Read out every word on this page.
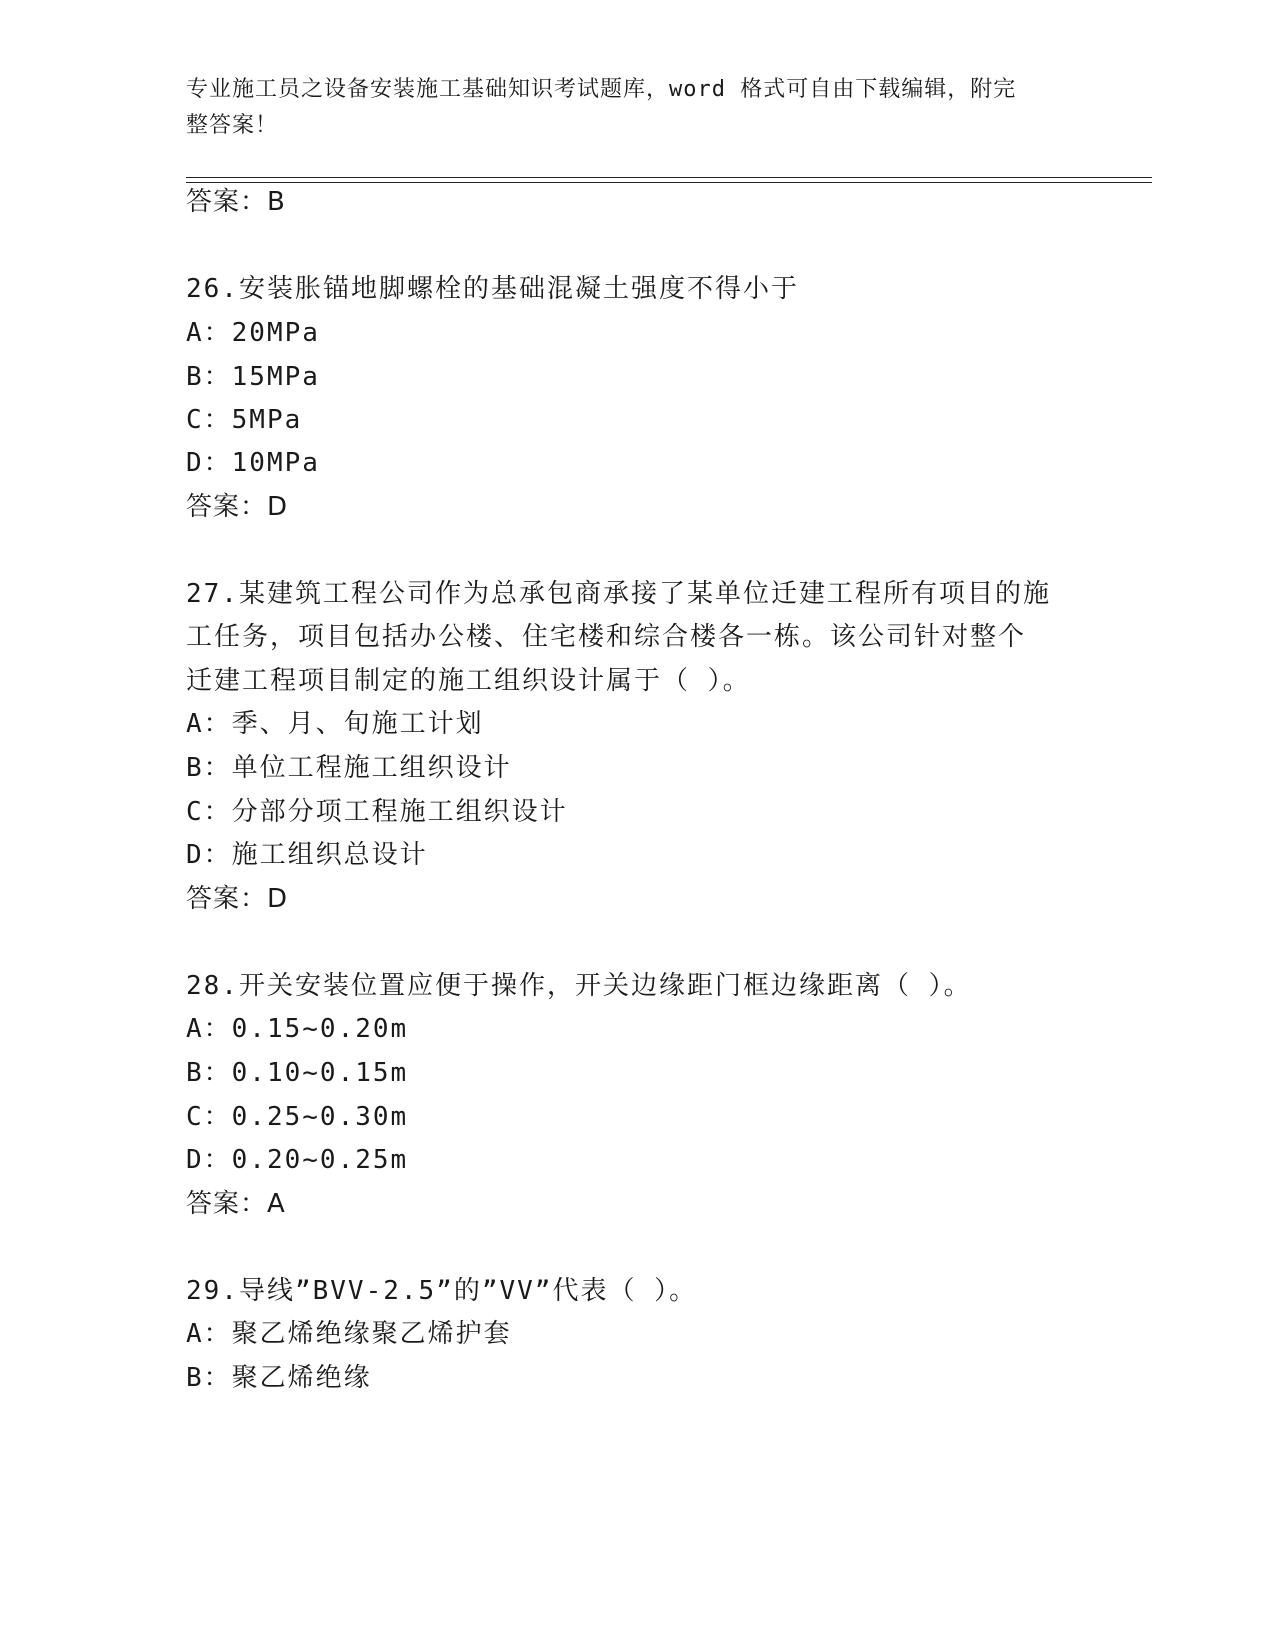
专业施工员之设备安装施工基础知识考试题库，word 格式可自由下载编辑，附完
整答案！
答案：B
26.安装胀锚地脚螺栓的基础混凝土强度不得小于
A：20MPa
B：15MPa
C：5MPa
D：10MPa
答案：D
27.某建筑工程公司作为总承包商承接了某单位迁建工程所有项目的施
工任务，项目包括办公楼、住宅楼和综合楼各一栋。该公司针对整个
迁建工程项目制定的施工组织设计属于（ ）。
A：季、月、旬施工计划
B：单位工程施工组织设计
C：分部分项工程施工组织设计
D：施工组织总设计
答案：D
28.开关安装位置应便于操作，开关边缘距门框边缘距离（ ）。
A：0.15~0.20m
B：0.10~0.15m
C：0.25~0.30m
D：0.20~0.25m
答案：A
29.导线”BVV-2.5”的”VV”代表（ ）。
A：聚乙烯绝缘聚乙烯护套
B：聚乙烯绝缘
